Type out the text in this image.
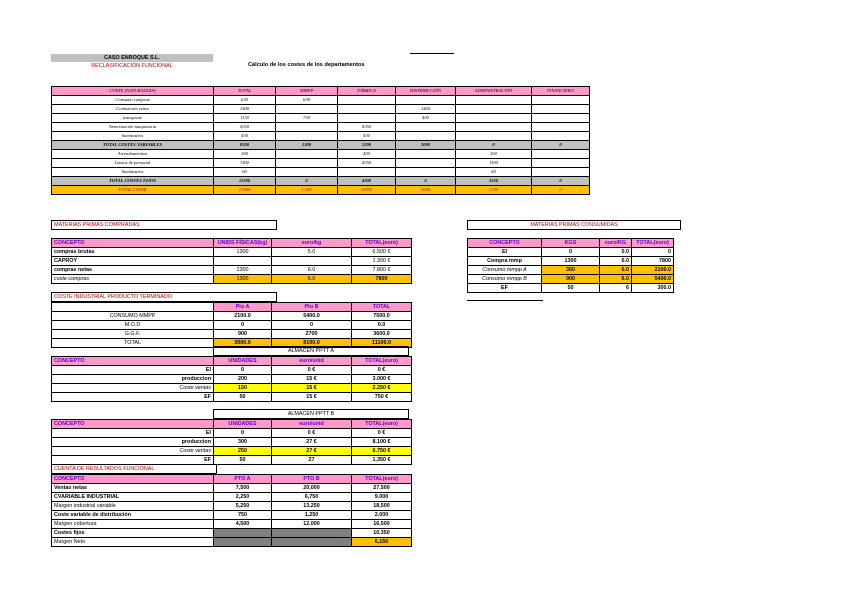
CASO ENROQUE S.L.
RECLASIFICACIÓN FUNCIONAL	Cálculo de los costes de los departamentos
COSTE (NATURALEZA)	TOTAL	MMPP	FÁBRICA	DISTRIBUCIÓN	ADMINISTRACIÓN	FINANCIERO
Consumo compras	630	630				
Comisiones venta	1400			1400		
transporte	1130	730		400		
Amortización maquinaria	4350		4350			
Suministros	430		430			
TOTAL COSTES VARIABLES	8300	1300	5200	2000	0	0
Arrendamientos	300		450		300	
Gastos de personal	7400		4350		1100	
Suministros	60				60	
TOTAL COSTES FIJOS	11200	0	4200	0	3350	0
TOTAL COSTE	17400	1.300	10050	2000	1750	0
MATERIAS PRIMAS COMPRADAS
CONCEPTO	UNIDS FÍSICAS(kg)	euro/kg	TOTAL(euro)
compras brutas	1300	5.0	6.500 €
CAPROY			1.300 €
compras netas	1300	6.0	7.800 €
coste compras	1300	6.0	7800
MATERIAS PRIMAS CONSUMIDAS
CONCEPTO	KGS	euro/KG	TOTAL(euro)
EI	0	0.0	0
Compra mmp	1300	6.0	7800
Consumo mmpp A	350	6.0	2100.0
Consumo mmpp B	900	6.0	5400.0
EF	50	6	300.0
COSTE INDUSTRIAL PRODUCTO TERMINADO
	Pto A	Pto B	TOTAL
CONSUMO MMPP	2100.0	5400.0	7500.0
M.O.D	0	0	0.0
G.G.F.	900	2700	3600.0
TOTAL	3000.0	8100.0	11100.0
ALMACÉN PPTT A
CONCEPTO	UNIDADES	euro/unid	TOTAL(euro)
EI	0	0 €	0 €
produccion	200	15 €	3.000 €
Coste ventas	150	15 €	2.250 €
EF	50	15 €	750 €
ALMACÉN PPTT B
CONCEPTO	UNIDADES	euro/unid	TOTAL(euro)
EI	0	0 €	0 €
produccion	300	27 €	8.100 €
Coste ventas	250	27 €	6.750 €
EF	50	27	1.350 €
CUENTA DE RESULTADOS FUNCIONAL
CONCEPTO	PTO A	PTO B	TOTAL(euro)
Ventas netas	7,500	20,000	27.500
CVARIABLE INDUSTRIAL	2,250	6,750	9.000
Margen industrial variable	5,250	13,250	18,500
Coste variable de distribución	750	1,250	2.000
Margen cobertura	4,500	12,000	16,500
Costes fijos			10.350
Margen Neto			6,150
